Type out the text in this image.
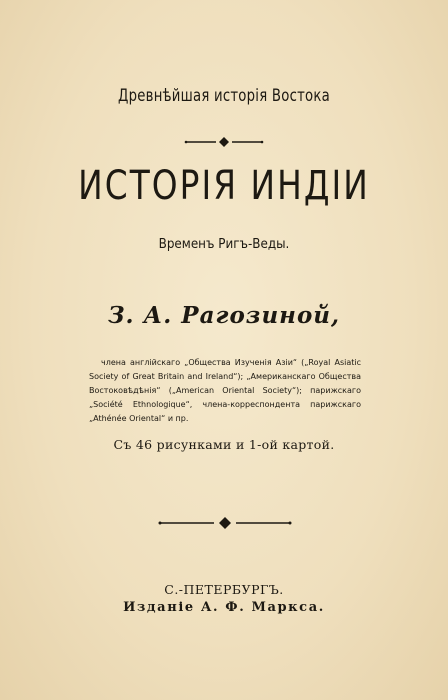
Древнѣйшая исторія Востока
ИСТОРІЯ ИНДІИ
Временъ Ригъ-Веды.
З. А. Рагозиной,
члена англійскаго „Общества Изученія Азіи“ („Royal Asiatic Society of Great Britain and Ireland“); „Американскаго Общества Востоковѣдѣнія“ („American Oriental Society“); парижскаго „Société Ethnologique“, члена-корреспондента парижскаго „Athénée Oriental“ и пр.
Съ 46 рисунками и 1-ой картой.
С.-ПЕТЕРБУРГЪ.
Изданіе А. Ф. Маркса.
